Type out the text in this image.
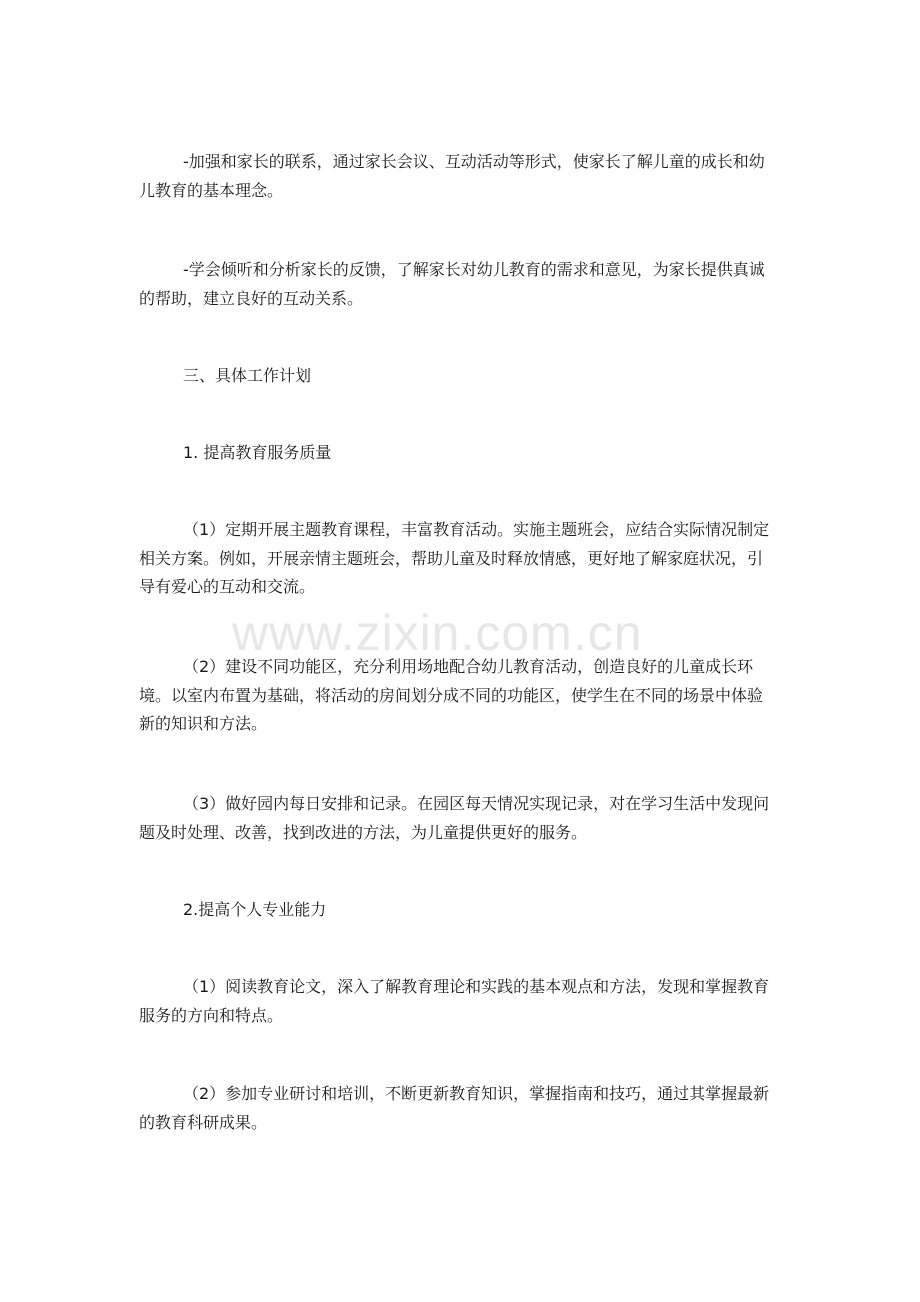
www.zixin.com.cn

-加强和家长的联系，通过家长会议、互动活动等形式，使家长了解儿童的成长和幼儿教育的基本理念。

-学会倾听和分析家长的反馈，了解家长对幼儿教育的需求和意见，为家长提供真诚的帮助，建立良好的互动关系。

三、具体工作计划

1. 提高教育服务质量

（1）定期开展主题教育课程，丰富教育活动。实施主题班会，应结合实际情况制定相关方案。例如，开展亲情主题班会，帮助儿童及时释放情感，更好地了解家庭状况，引导有爱心的互动和交流。

（2）建设不同功能区，充分利用场地配合幼儿教育活动，创造良好的儿童成长环境。以室内布置为基础，将活动的房间划分成不同的功能区，使学生在不同的场景中体验新的知识和方法。

（3）做好园内每日安排和记录。在园区每天情况实现记录，对在学习生活中发现问题及时处理、改善，找到改进的方法，为儿童提供更好的服务。

2.提高个人专业能力

（1）阅读教育论文，深入了解教育理论和实践的基本观点和方法，发现和掌握教育服务的方向和特点。

（2）参加专业研讨和培训，不断更新教育知识，掌握指南和技巧，通过其掌握最新的教育科研成果。
